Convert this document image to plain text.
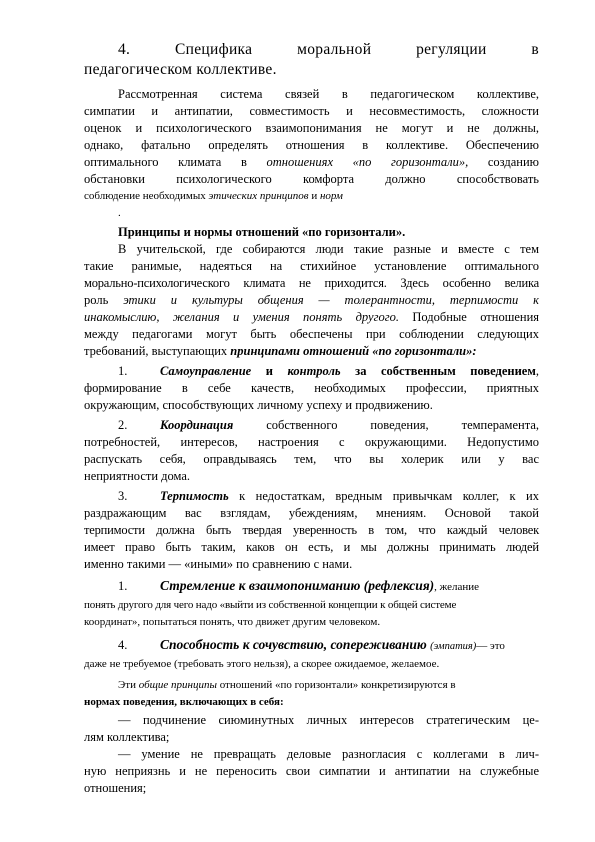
4.	Специфика	моральной	регуляции	в

педагогическом коллективе.

Рассмотренная система связей в педагогическом коллективе,

симпатии и антипатии, совместимость и несовместимость, сложности

оценок и психологического взаимопонимания не могут и не должны,

однако, фатально определять отношения в коллективе. Обеспечению

оптимального климата в отношениях «по горизонтали», созданию

обстановки психологического комфорта должно способствовать

соблюдение необходимых этических принципов и норм

.

Принципы и нормы отношений «по горизонтали».

В учительской, где собираются люди такие разные и вместе с тем

такие ранимые, надеяться на стихийное установление оптимального

морально-психологического климата не приходится. Здесь особенно велика

роль этики и культуры общения — толерантности, терпимости к

инакомыслию, желания и умения понять другого. Подобные отношения

между педагогами могут быть обеспечены при соблюдении следующих

требований, выступающих принципами отношений «по горизонтали»:

1.	Самоуправление и контроль за собственным поведением,

формирование в себе качеств, необходимых профессии, приятных

окружающим, способствующих личному успеху и продвижению.

2.	Координация	собственного поведения, темперамента,

потребностей, интересов, настроения с окружающими. Недопустимо

распускать себя, оправдываясь тем, что вы холерик или у вас

неприятности дома.

3.	Терпимость к недостаткам, вредным привычкам коллег, к их

раздражающим вас взглядам, убеждениям, мнениям. Основой такой

терпимости должна быть твердая уверенность в том, что каждый человек

имеет право быть таким, каков он есть, и мы должны принимать людей

именно такими — «иными» по сравнению с нами.

1. Стремление к взаимопониманию (рефлексия), желание

понять другого для чего надо «выйти из собственной концепции к общей системе

координат», попытаться понять, что движет другим человеком.

4. Способность к сочувствию, сопереживанию (эмпатия)— это

даже не требуемое (требовать этого нельзя), а скорее ожидаемое, желаемое.

Эти общие принципы отношений «по горизонтали» конкретизируются в

нормах поведения, включающих в себя:

— подчинение сиюминутных личных интересов стратегическим це-

лям коллектива;

— умение не превращать деловые разногласия с коллегами в лич-

ную неприязнь и не переносить свои симпатии и антипатии на служебные

отношения;
